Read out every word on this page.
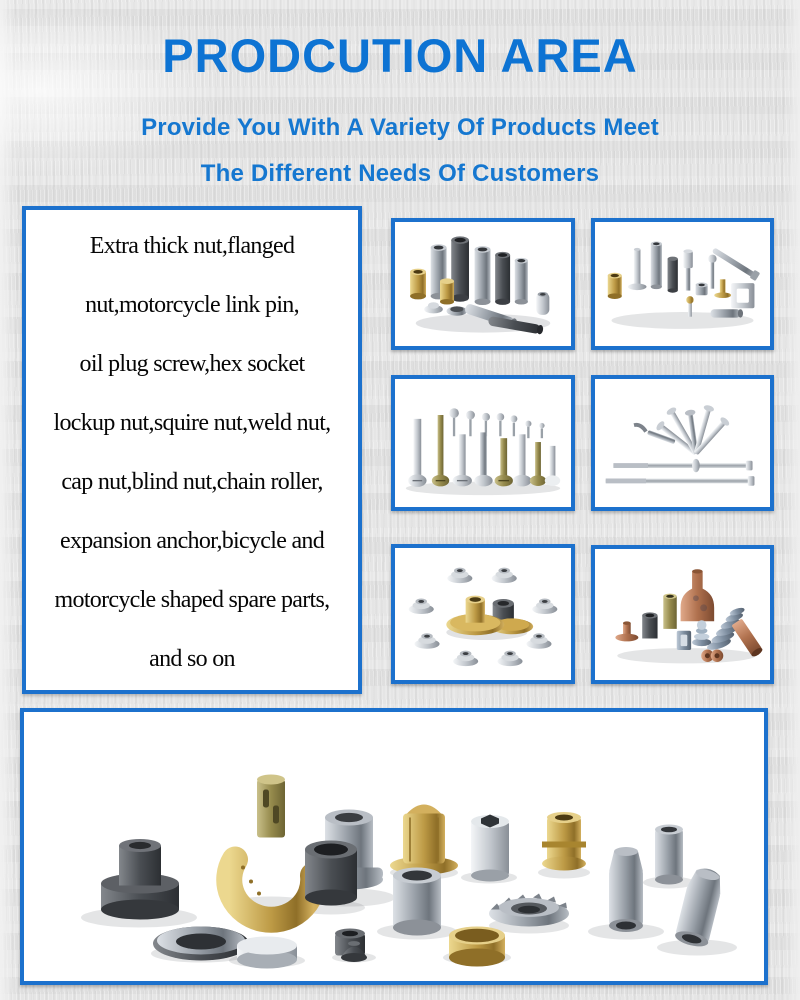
PRODCUTION AREA
Provide You With A Variety Of Products Meet
The Different Needs Of Customers
Extra thick nut,flanged
nut,motorcycle link pin,
oil plug screw,hex socket
lockup nut,squire nut,weld nut,
cap nut,blind nut,chain roller,
expansion anchor,bicycle and
motorcycle shaped spare parts,
and so on
